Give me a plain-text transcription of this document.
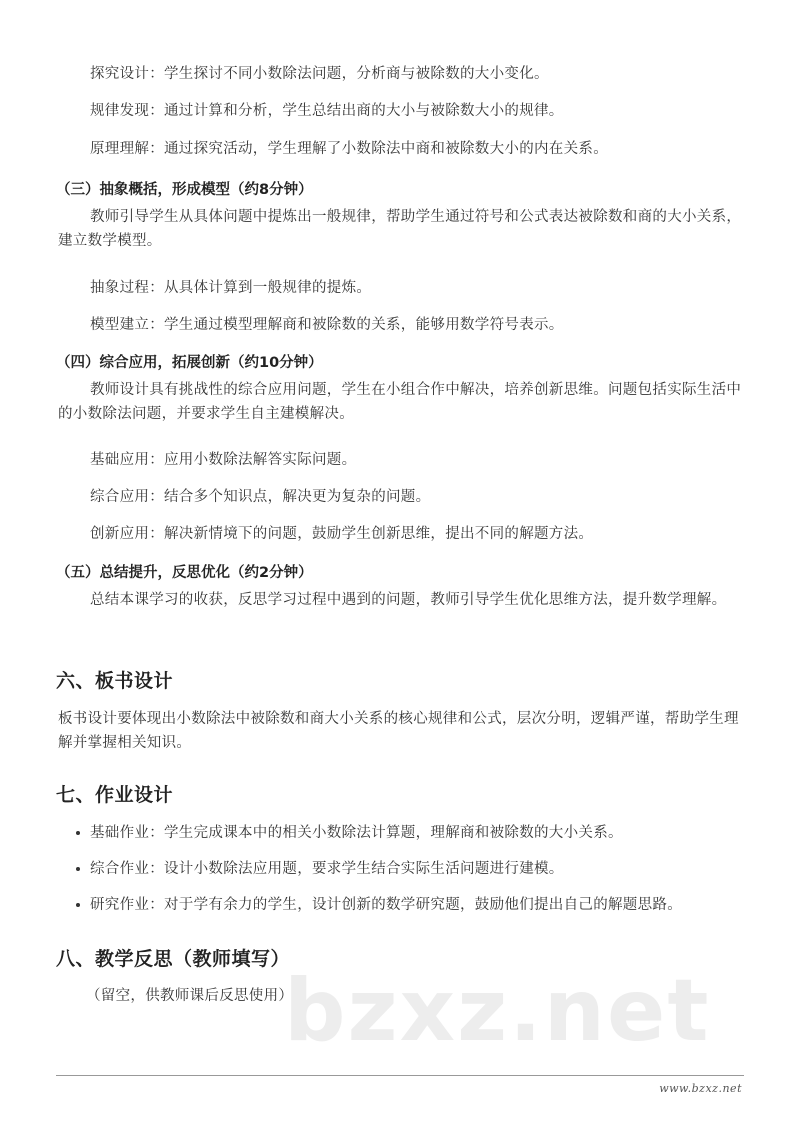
探究设计：学生探讨不同小数除法问题，分析商与被除数的大小变化。
规律发现：通过计算和分析，学生总结出商的大小与被除数大小的规律。
原理理解：通过探究活动，学生理解了小数除法中商和被除数大小的内在关系。
（三）抽象概括，形成模型（约8分钟）
教师引导学生从具体问题中提炼出一般规律，帮助学生通过符号和公式表达被除数和商的大小关系，建立数学模型。
抽象过程：从具体计算到一般规律的提炼。
模型建立：学生通过模型理解商和被除数的关系，能够用数学符号表示。
（四）综合应用，拓展创新（约10分钟）
教师设计具有挑战性的综合应用问题，学生在小组合作中解决，培养创新思维。问题包括实际生活中的小数除法问题，并要求学生自主建模解决。
基础应用：应用小数除法解答实际问题。
综合应用：结合多个知识点，解决更为复杂的问题。
创新应用：解决新情境下的问题，鼓励学生创新思维，提出不同的解题方法。
（五）总结提升，反思优化（约2分钟）
总结本课学习的收获，反思学习过程中遇到的问题，教师引导学生优化思维方法，提升数学理解。
六、板书设计
板书设计要体现出小数除法中被除数和商大小关系的核心规律和公式，层次分明，逻辑严谨，帮助学生理解并掌握相关知识。
七、作业设计
基础作业：学生完成课本中的相关小数除法计算题，理解商和被除数的大小关系。
综合作业：设计小数除法应用题，要求学生结合实际生活问题进行建模。
研究作业：对于学有余力的学生，设计创新的数学研究题，鼓励他们提出自己的解题思路。
八、教学反思（教师填写）
（留空，供教师课后反思使用）
bzxz.net
www.bzxz.net
